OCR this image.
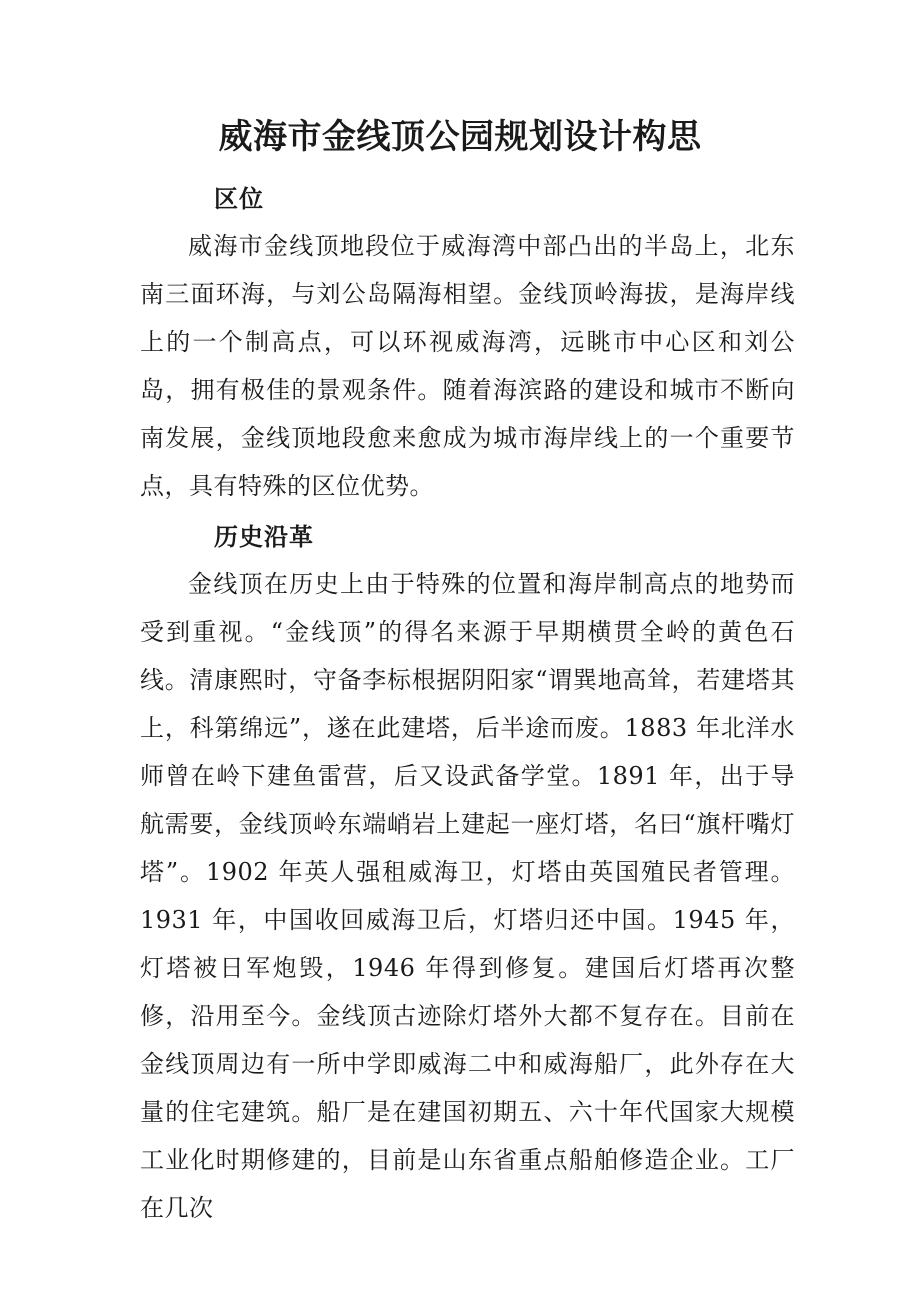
威海市金线顶公园规划设计构思
区位

威海市金线顶地段位于威海湾中部凸出的半岛上，北东南三面环海，与刘公岛隔海相望。金线顶岭海拔，是海岸线上的一个制高点，可以环视威海湾，远眺市中心区和刘公岛，拥有极佳的景观条件。随着海滨路的建设和城市不断向南发展，金线顶地段愈来愈成为城市海岸线上的一个重要节点，具有特殊的区位优势。

历史沿革

金线顶在历史上由于特殊的位置和海岸制高点的地势而受到重视。“金线顶”的得名来源于早期横贯全岭的黄色石线。清康熙时，守备李标根据阴阳家“谓巽地高耸，若建塔其上，科第绵远”，遂在此建塔，后半途而废。1883 年北洋水师曾在岭下建鱼雷营，后又设武备学堂。1891 年，出于导航需要，金线顶岭东端峭岩上建起一座灯塔，名曰“旗杆嘴灯塔”。1902 年英人强租威海卫，灯塔由英国殖民者管理。1931 年，中国收回威海卫后，灯塔归还中国。1945 年，灯塔被日军炮毁，1946 年得到修复。建国后灯塔再次整修，沿用至今。金线顶古迹除灯塔外大都不复存在。目前在金线顶周边有一所中学即威海二中和威海船厂，此外存在大量的住宅建筑。船厂是在建国初期五、六十年代国家大规模工业化时期修建的，目前是山东省重点船舶修造企业。工厂在几次
